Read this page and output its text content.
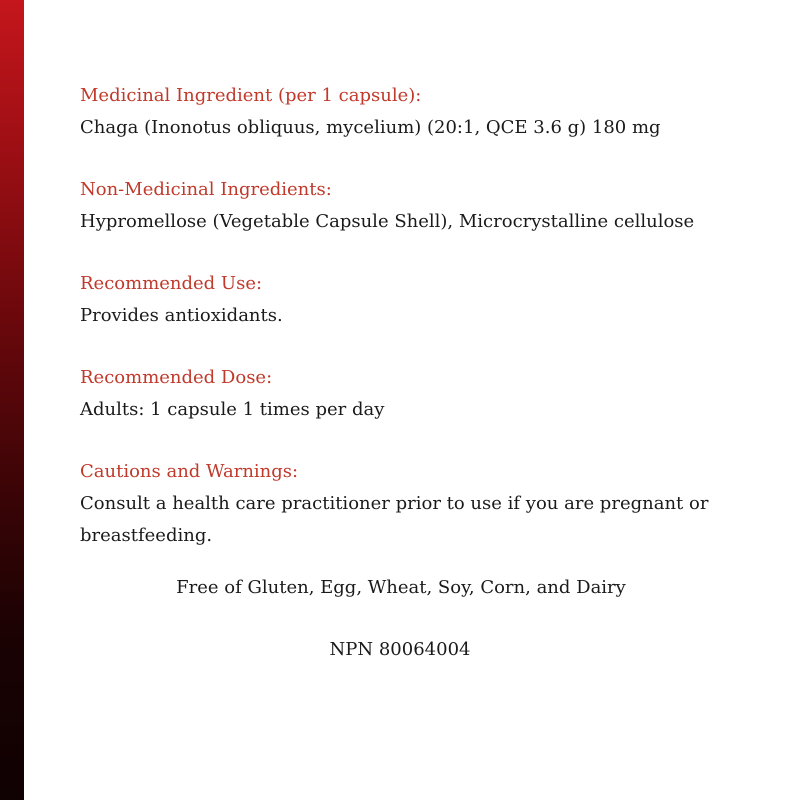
Medicinal Ingredient (per 1 capsule):

Chaga (Inonotus obliquus, mycelium) (20:1, QCE 3.6 g) 180 mg

Non-Medicinal Ingredients:

Hypromellose (Vegetable Capsule Shell), Microcrystalline cellulose

Recommended Use:

Provides antioxidants.

Recommended Dose:

Adults: 1 capsule 1 times per day

Cautions and Warnings:

Consult a health care practitioner prior to use if you are pregnant or breastfeeding.

Free of Gluten, Egg, Wheat, Soy, Corn, and Dairy
NPN 80064004
